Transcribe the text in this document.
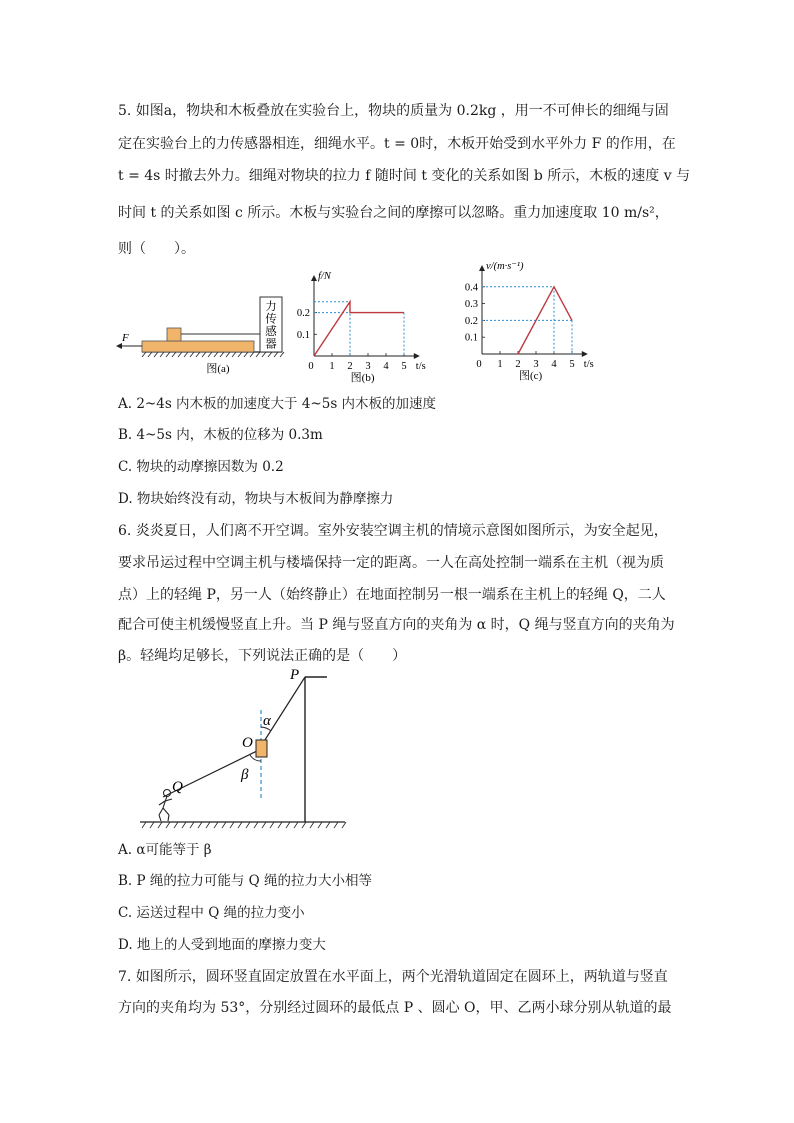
5. 如图a，物块和木板叠放在实验台上，物块的质量为 0.2kg ，用一不可伸长的细绳与固
定在实验台上的力传感器相连，细绳水平。t = 0时，木板开始受到水平外力 F 的作用，在
t = 4s 时撤去外力。细绳对物块的拉力 f 随时间 t 变化的关系如图 b 所示，木板的速度 v 与
时间 t 的关系如图 c 所示。木板与实验台之间的摩擦可以忽略。重力加速度取 10 m/s²，
则（　　）。
力传感器
F
图(a)
f/N
t/s
0 1 2 3 4 5
0.1
0.2
图(b)
v/(m·s⁻¹)
t/s
0 1 2 3 4 5
0.1
0.2
0.3
0.4
图(c)
A. 2~4s 内木板的加速度大于 4~5s 内木板的加速度
B. 4~5s 内，木板的位移为 0.3m
C. 物块的动摩擦因数为 0.2
D. 物块始终没有动，物块与木板间为静摩擦力
6. 炎炎夏日，人们离不开空调。室外安装空调主机的情境示意图如图所示，为安全起见，
要求吊运过程中空调主机与楼墙保持一定的距离。一人在高处控制一端系在主机（视为质
点）上的轻绳 P，另一人（始终静止）在地面控制另一根一端系在主机上的轻绳 Q，二人
配合可使主机缓慢竖直上升。当 P 绳与竖直方向的夹角为 α 时，Q 绳与竖直方向的夹角为
β。轻绳均足够长，下列说法正确的是（　　）
P
O
Q
α
β
A. α可能等于 β
B. P 绳的拉力可能与 Q 绳的拉力大小相等
C. 运送过程中 Q 绳的拉力变小
D. 地上的人受到地面的摩擦力变大
7. 如图所示，圆环竖直固定放置在水平面上，两个光滑轨道固定在圆环上，两轨道与竖直
方向的夹角均为 53°，分别经过圆环的最低点 P 、圆心 O，甲、乙两小球分别从轨道的最
